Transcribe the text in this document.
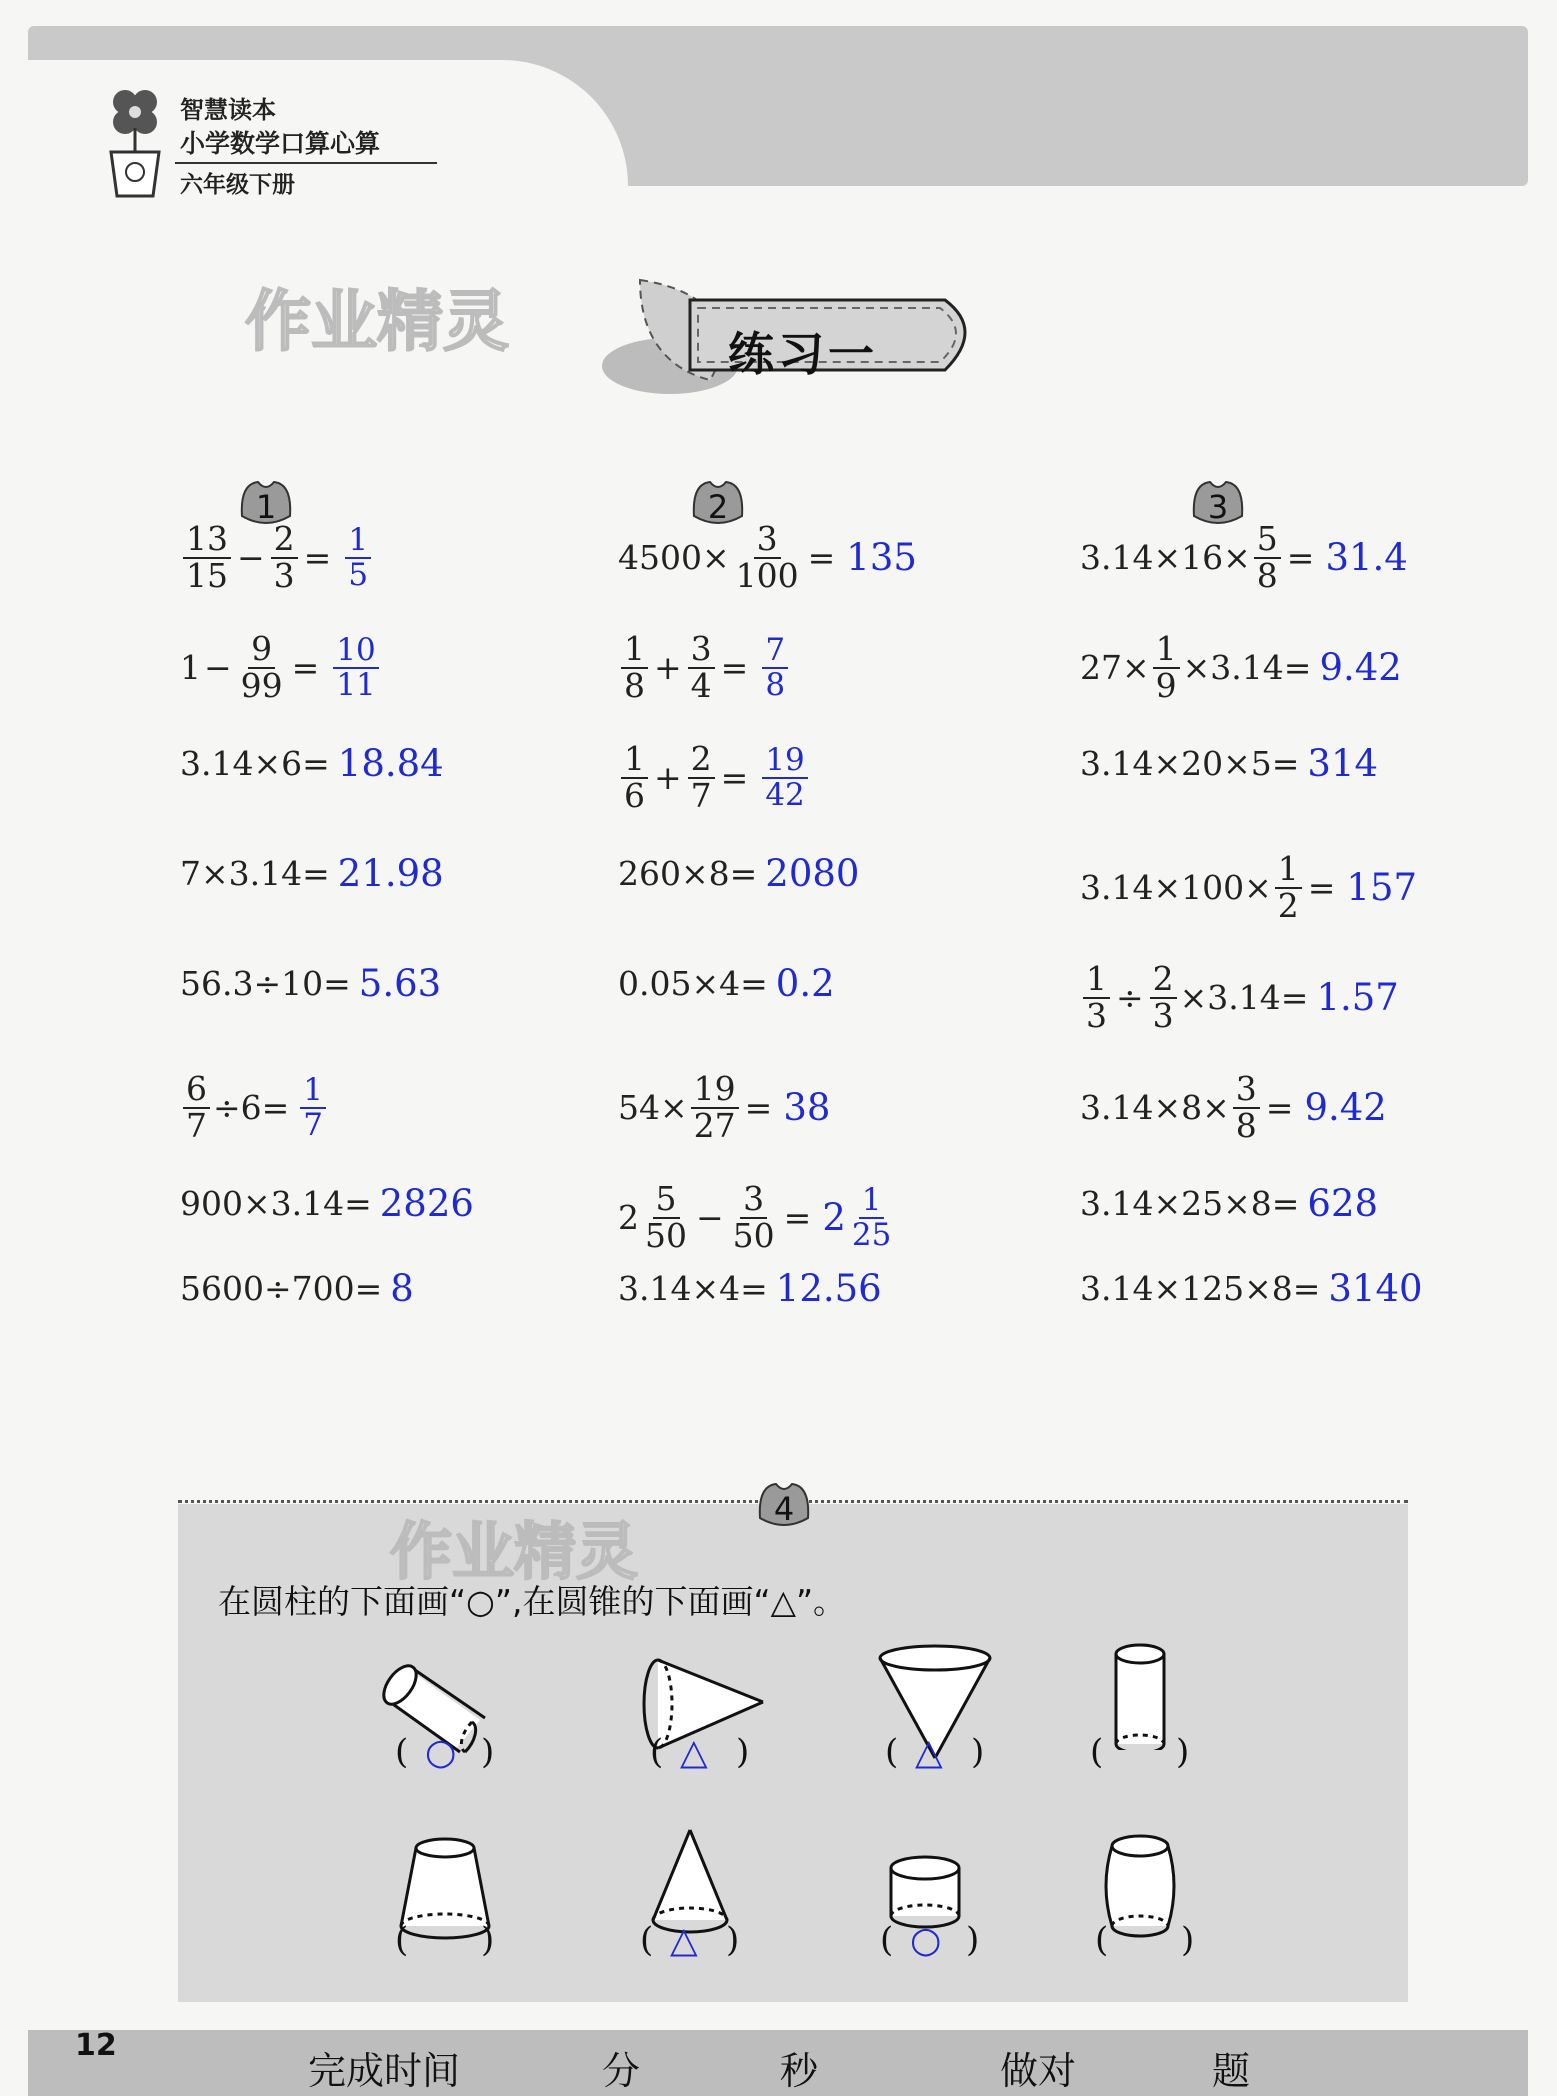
智慧读本
小学数学口算心算
六年级下册
作业精灵	练习一
1	2	3
$\frac{13}{15} - \frac{2}{3} = \frac{1}{5}$
$1 - \frac{9}{99} = \frac{10}{11}$
3.14×6= 18.84
7×3.14= 21.98
56.3÷10= 5.63
$\frac{6}{7} \div 6= \frac{1}{7}$
900×3.14= 2826
5600÷700= 8
$4500\times \frac{3}{100} = 135$
$\frac{1}{8} + \frac{3}{4} = \frac{7}{8}$
$\frac{1}{6} + \frac{2}{7} = \frac{19}{42}$
260×8= 2080
0.05×4= 0.2
$54\times \frac{19}{27} = 38$
$2 \frac{5}{50} - \frac{3}{50} = 2 \frac{1}{25}$
3.14×4= 12.56
$3.14\times 16\times \frac{5}{8} = 31.4$
$27\times \frac{1}{9} \times 3.14= 9.42$
3.14×20×5= 314
$3.14\times 100\times \frac{1}{2} = 157$
$\frac{1}{3} \div \frac{2}{3} \times 3.14= 1.57$
$3.14\times 8\times \frac{3}{8} = 9.42$
3.14×25×8= 628
3.14×125×8= 3140
作业精灵
4
在圆柱的下面画“○”,在圆锥的下面画“△”。
( ○ )	( △ )	( △ )	( )
( )	( △ )	( ○ )	( )
12
完成时间	分	秒	做对	题
